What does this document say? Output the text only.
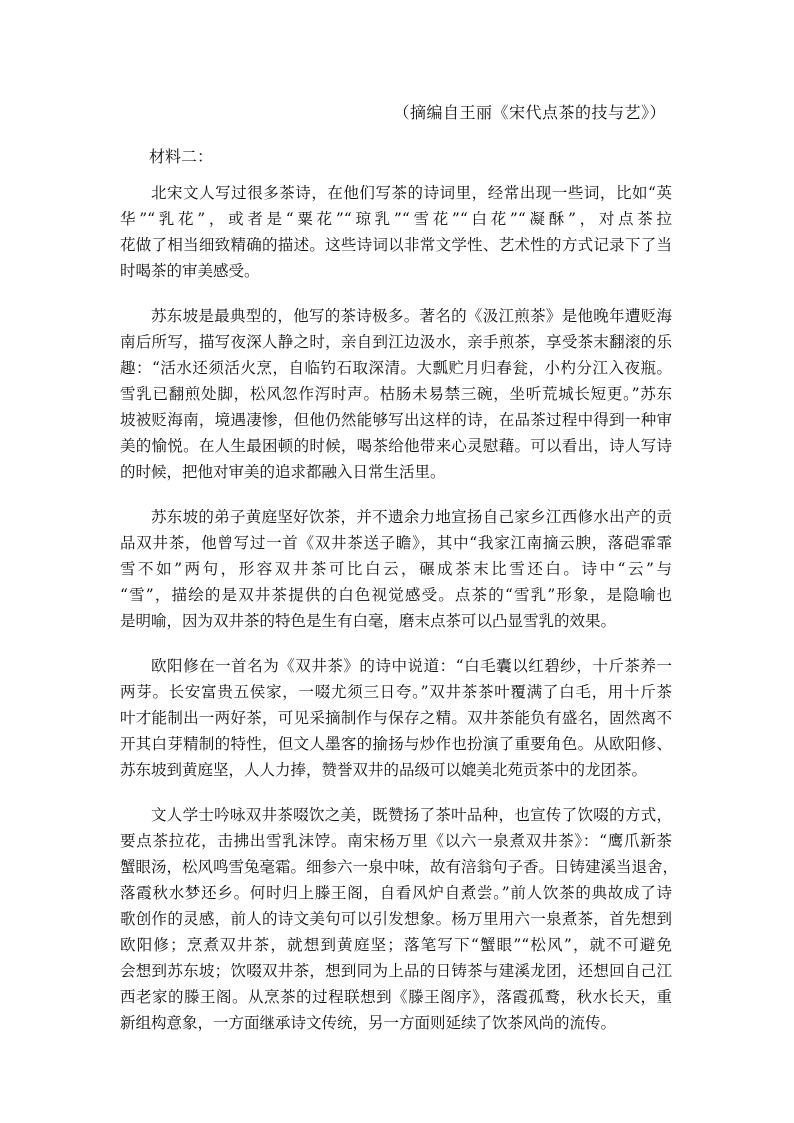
（摘编自王丽《宋代点茶的技与艺》）
材料二：
北宋文人写过很多茶诗，在他们写茶的诗词里，经常出现一些词，比如“英
华”“乳花”，或者是“粟花”“琼乳”“雪花”“白花”“凝酥”，对点茶拉
花做了相当细致精确的描述。这些诗词以非常文学性、艺术性的方式记录下了当
时喝茶的审美感受。
苏东坡是最典型的，他写的茶诗极多。著名的《汲江煎茶》是他晚年遭贬海
南后所写，描写夜深人静之时，亲自到江边汲水，亲手煎茶，享受茶末翻滚的乐
趣：“活水还须活火烹，自临钓石取深清。大瓢贮月归春瓮，小杓分江入夜瓶。
雪乳已翻煎处脚，松风忽作泻时声。枯肠未易禁三碗，坐听荒城长短更。”苏东
坡被贬海南，境遇凄惨，但他仍然能够写出这样的诗，在品茶过程中得到一种审
美的愉悦。在人生最困顿的时候，喝茶给他带来心灵慰藉。可以看出，诗人写诗
的时候，把他对审美的追求都融入日常生活里。
苏东坡的弟子黄庭坚好饮茶，并不遗余力地宣扬自己家乡江西修水出产的贡
品双井茶，他曾写过一首《双井茶送子瞻》，其中“我家江南摘云腴，落硙霏霏
雪不如”两句，形容双井茶可比白云，碾成茶末比雪还白。诗中“云”与
“雪”，描绘的是双井茶提供的白色视觉感受。点茶的“雪乳”形象，是隐喻也
是明喻，因为双井茶的特色是生有白毫，磨末点茶可以凸显雪乳的效果。
欧阳修在一首名为《双井茶》的诗中说道：“白毛囊以红碧纱，十斤茶养一
两芽。长安富贵五侯家，一啜尤须三日夸。”双井茶茶叶覆满了白毛，用十斤茶
叶才能制出一两好茶，可见采摘制作与保存之精。双井茶能负有盛名，固然离不
开其白芽精制的特性，但文人墨客的揄扬与炒作也扮演了重要角色。从欧阳修、
苏东坡到黄庭坚，人人力捧，赞誉双井的品级可以媲美北苑贡茶中的龙团茶。
文人学士吟咏双井茶啜饮之美，既赞扬了茶叶品种，也宣传了饮啜的方式，
要点茶拉花，击拂出雪乳沫饽。南宋杨万里《以六一泉煮双井茶》：“鹰爪新茶
蟹眼汤，松风鸣雪兔毫霜。细参六一泉中味，故有涪翁句子香。日铸建溪当退舍，
落霞秋水梦还乡。何时归上滕王阁，自看风炉自煮尝。”前人饮茶的典故成了诗
歌创作的灵感，前人的诗文美句可以引发想象。杨万里用六一泉煮茶，首先想到
欧阳修；烹煮双井茶，就想到黄庭坚；落笔写下“蟹眼”“松风”，就不可避免
会想到苏东坡；饮啜双井茶，想到同为上品的日铸茶与建溪龙团，还想回自己江
西老家的滕王阁。从烹茶的过程联想到《滕王阁序》，落霞孤鹜，秋水长天，重
新组构意象，一方面继承诗文传统，另一方面则延续了饮茶风尚的流传。
